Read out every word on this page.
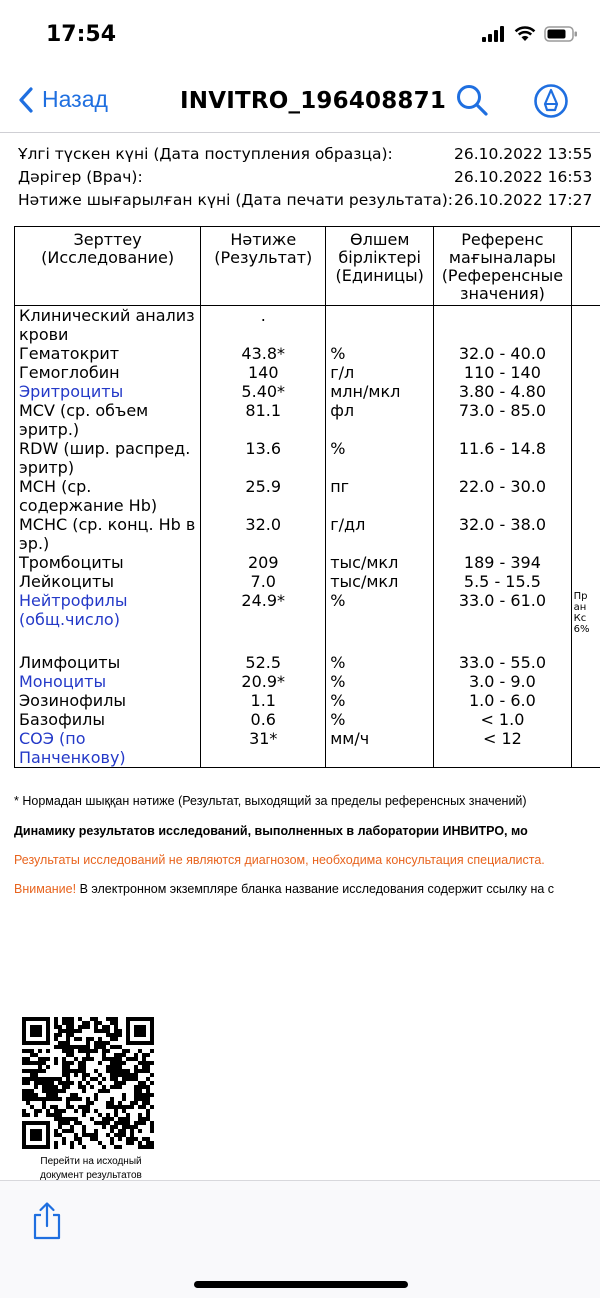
17:54
Назад	INVITRO_196408871
Ұлгі түскен күні (Дата поступления образца):	26.10.2022 13:55
Дәрігер (Врач):	26.10.2022 16:53
Нәтиже шығарылған күні (Дата печати результата): 26.10.2022 17:27
Зерттеу (Исследование)	Нәтиже (Результат)	Өлшем бірліктері (Единицы)	Референс мағыналары (Референсные значения)	
Клинический анализ крови	.			
Гематокрит	43.8*	%	32.0 - 40.0	
Гемоглобин	140	г/л	110 - 140	
Эритроциты	5.40*	млн/мкл	3.80 - 4.80	
MCV (ср. объем эритр.)	81.1	фл	73.0 - 85.0	
RDW (шир. распред. эритр)	13.6	%	11.6 - 14.8	
MCH (ср. содержание Hb)	25.9	пг	22.0 - 30.0	
MCHC (ср. конц. Hb в эр.)	32.0	г/дл	32.0 - 38.0	
Тромбоциты	209	тыс/мкл	189 - 394	
Лейкоциты	7.0	тыс/мкл	5.5 - 15.5	
Нейтрофилы (общ.число)	24.9*	%	33.0 - 61.0	Пр
ан
Кс
6%

Лимфоциты	52.5	%	33.0 - 55.0	
Моноциты	20.9*	%	3.0 - 9.0	
Эозинофилы	1.1	%	1.0 - 6.0	
Базофилы	0.6	%	< 1.0	
СОЭ (по Панченкову)	31*	мм/ч	< 12	
* Нормадан шыққан нәтиже (Результат, выходящий за пределы референсных значений)
Динамику результатов исследований, выполненных в лаборатории ИНВИТРО, мо
Результаты исследований не являются диагнозом, необходима консультация специалиста.
Внимание! В электронном экземпляре бланка название исследования содержит ссылку на с
Перейти на исходный документ результатов
